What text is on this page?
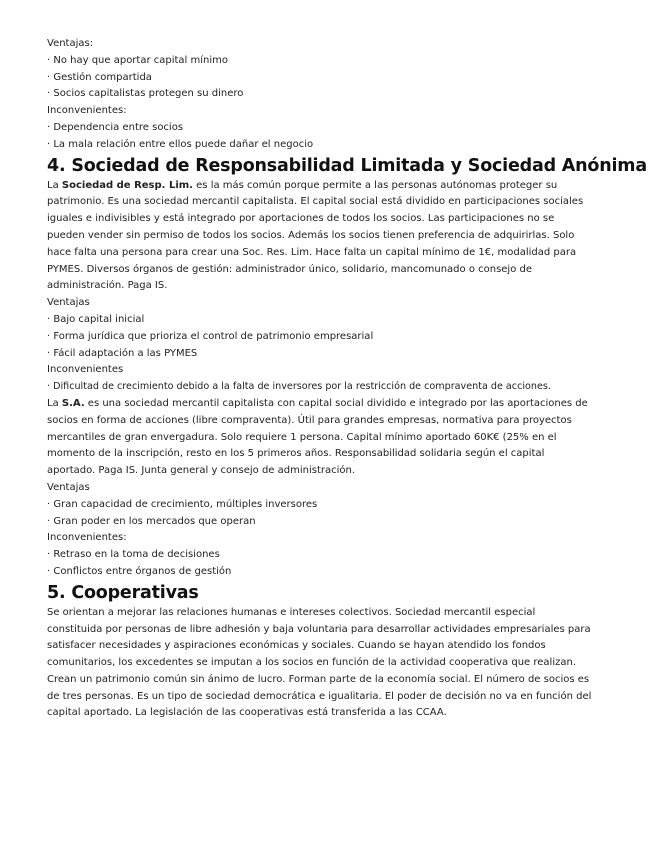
Ventajas:
· No hay que aportar capital mínimo
· Gestión compartida
· Socios capitalistas protegen su dinero
Inconvenientes:
· Dependencia entre socios
· La mala relación entre ellos puede dañar el negocio
4. Sociedad de Responsabilidad Limitada y Sociedad Anónima
La Sociedad de Resp. Lim. es la más común porque permite a las personas autónomas proteger su patrimonio. Es una sociedad mercantil capitalista. El capital social está dividido en participaciones sociales iguales e indivisibles y está integrado por aportaciones de todos los socios. Las participaciones no se pueden vender sin permiso de todos los socios. Además los socios tienen preferencia de adquirirlas. Solo hace falta una persona para crear una Soc. Res. Lim. Hace falta un capital mínimo de 1€, modalidad para PYMES. Diversos órganos de gestión: administrador único, solidario, mancomunado o consejo de administración. Paga IS.
Ventajas
· Bajo capital inicial
· Forma jurídica que prioriza el control de patrimonio empresarial
· Fácil adaptación a las PYMES
Inconvenientes
· Dificultad de crecimiento debido a la falta de inversores por la restricción de compraventa de acciones.
La S.A. es una sociedad mercantil capitalista con capital social dividido e integrado por las aportaciones de socios en forma de acciones (libre compraventa). Útil para grandes empresas, normativa para proyectos mercantiles de gran envergadura. Solo requiere 1 persona. Capital mínimo aportado 60K€ (25% en el momento de la inscripción, resto en los 5 primeros años. Responsabilidad solidaria según el capital aportado. Paga IS. Junta general y consejo de administración.
Ventajas
· Gran capacidad de crecimiento, múltiples inversores
· Gran poder en los mercados que operan
Inconvenientes:
· Retraso en la toma de decisiones
· Conflictos entre órganos de gestión
5. Cooperativas
Se orientan a mejorar las relaciones humanas e intereses colectivos. Sociedad mercantil especial constituida por personas de libre adhesión y baja voluntaria para desarrollar actividades empresariales para satisfacer necesidades y aspiraciones económicas y sociales. Cuando se hayan atendido los fondos comunitarios, los excedentes se imputan a los socios en función de la actividad cooperativa que realizan. Crean un patrimonio común sin ánimo de lucro. Forman parte de la economía social. El número de socios es de tres personas. Es un tipo de sociedad democrática e igualitaria. El poder de decisión no va en función del capital aportado. La legislación de las cooperativas está transferida a las CCAA.
